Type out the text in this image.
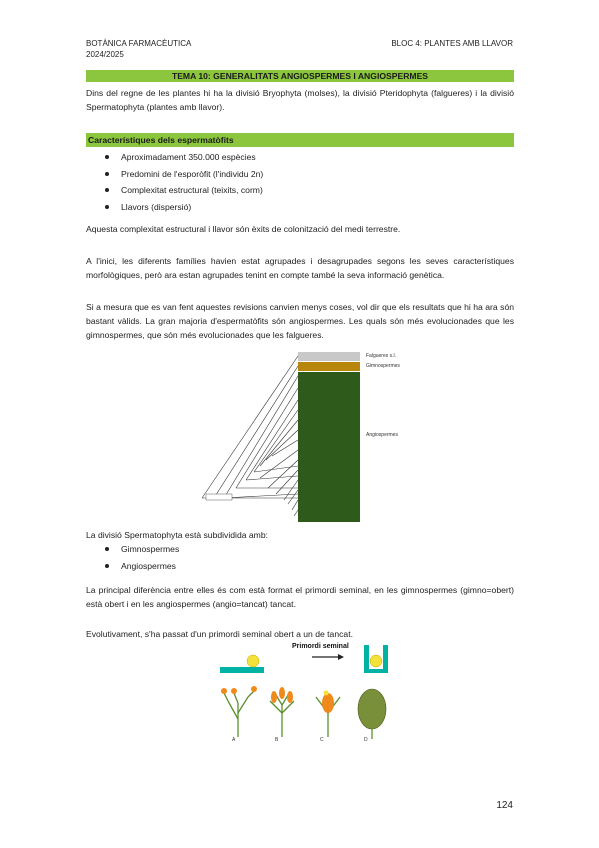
BOTÀNICA FARMACÈUTICA
2024/2025
BLOC 4: PLANTES AMB LLAVOR
TEMA 10: GENERALITATS ANGIOSPERMES I ANGIOSPERMES
Dins del regne de les plantes hi ha la divisió Bryophyta (molses), la divisió Pteridophyta (falgueres) i la divisió Spermatophyta (plantes amb llavor).
Característiques dels espermatòfits
Aproximadament 350.000 espècies
Predomini de l'esporòfit (l'individu 2n)
Complexitat estructural (teixits, corm)
Llavors (dispersió)
Aquesta complexitat estructural i llavor són èxits de colonització del medi terrestre.
A l'inici, les diferents famílies havien estat agrupades i desagrupades segons les seves característiques morfològiques, però ara estan agrupades tenint en compte també la seva informació genètica.
Si a mesura que es van fent aquestes revisions canvien menys coses, vol dir que els resultats que hi ha ara són bastant vàlids. La gran majoria d'espermatòfits són angiospermes. Les quals són més evolucionades que les gimnospermes, que són més evolucionades que les falgueres.
Falgueres s.l.
Gimnospermes
Angiospermes
La divisió Spermatophyta està subdividida amb:
Gimnospermes
Angiospermes
La principal diferència entre elles és com està format el primordi seminal, en les gimnospermes (gimno=obert) està obert i en les angiospermes (angio=tancat) tancat.
Evolutivament, s'ha passat d'un primordi seminal obert a un de tancat.
Primordi seminal
A	B	C	D
124
